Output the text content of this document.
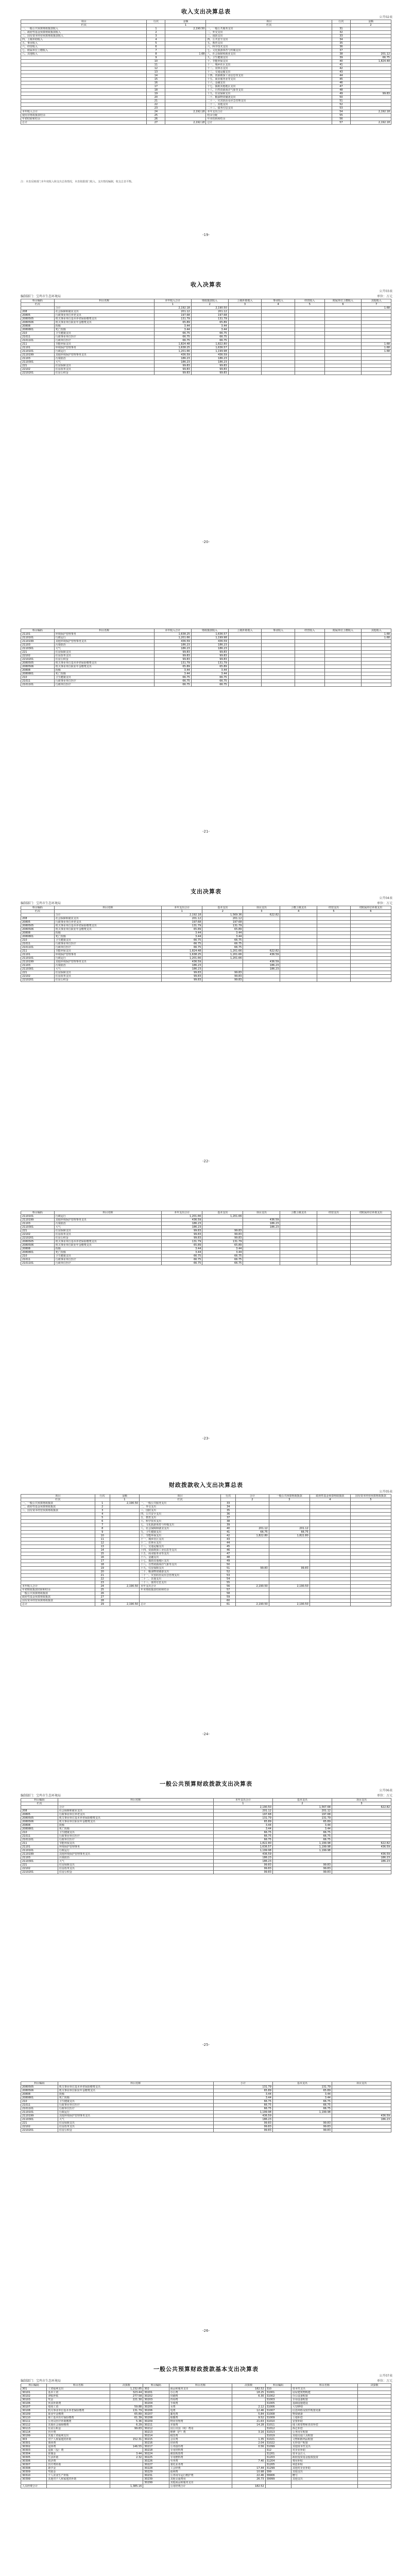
收入支出决算总表
公开02表
项目	行次	金额	项目	行次	金额
栏次		1	栏次		2
一、一般公共预算财政拨款收入	1	2,190.50	一、一般公共服务支出	31	
二、政府性基金预算财政拨款收入	2		二、外交支出	32	
三、国有资本经营预算财政拨款收入	3		三、国防支出	33	
四、上级补助收入	4		四、公共安全支出	34	
五、事业收入	5		五、教育支出	35	
六、经营收入	6		六、科学技术支出	36	
七、附属单位上缴收入	7		七、文化旅游体育与传媒支出	37	
八、其他收入	8	1.68	八、社会保障和就业支出	38	201.12
	9		九、卫生健康支出	39	66.75
	10		十、节能环保支出	40	1,824.48
	11		十一、城乡社区支出	41	
	12		十二、农林水支出	42	
	13		十三、交通运输支出	43	
	14		十四、资源勘探工业信息等支出	44	
	15		十五、商业服务业等支出	45	
	16		十六、金融支出	46	
	17		十七、援助其他地区支出	47	
	18		十八、自然资源海洋气象等支出	48	
	19		十九、住房保障支出	49	99.83
	20		二十、粮油物资储备支出	50	
	21		二十一、灾害防治及应急管理支出	51	
	22		二十二、其他支出	52	
	23		二十三、债务付息支出	53	
本年收入合计	24	2,192.18	本年支出合计	54	2,192.18
使用非财政拨款结余	25		结余分配	55	
年初结转和结余	26		年末结转和结余	56	
总计	27	2,192.18	总计	57	2,192.18
注：本表反映部门本年度收入和支出总体情况，本表依据部门收入、支出情况编制，收支总表平衡。
-19-
收入决算表
公开03表
编制部门：宝鸡市生态环境局	单位：万元
科目编码	科目名称	本年收入合计	财政拨款收入	上级补助收入	事业收入	经营收入	附属单位上缴收入	其他收入
栏次		1	2	3	4	5	6	7
	合计	2,192.18	2,190.50					1.68
208	社会保障和就业支出	201.12	201.12					
20805	行政事业单位养老支出	197.68	197.68					
2080505	机关事业单位基本养老保险缴费支出	131.79	131.79					
2080506	机关事业单位职业年金缴费支出	65.89	65.89					
20808	抚恤	3.44	3.44					
2080801	死亡抚恤	3.44	3.44					
210	卫生健康支出	66.75	66.75					
21011	行政事业单位医疗	66.75	66.75					
2101101	行政单位医疗	66.75	66.75					
211	节能环保支出	1,824.48	1,822.80					1.68
21101	环境保护管理事务	1,638.25	1,636.57					1.68
2110101	行政运行	1,201.66	1,199.98					1.68
2110199	其他环境保护管理事务支出	436.59	436.59					
21103	污染防治	186.23	186.23					
2110301	大气	186.23	186.23					
221	住房保障支出	99.83	99.83					
22102	住房改革支出	99.83	99.83					
2210201	住房公积金	99.83	99.83					
-20-
科目编码	科目名称	本年收入合计	财政拨款收入	上级补助收入	事业收入	经营收入	附属单位上缴收入	其他收入
21101	环境保护管理事务	1,638.25	1,636.57					1.68
2110101	行政运行	1,201.66	1,199.98					1.68
2110199	其他环境保护管理事务支出	436.59	436.59					
21103	污染防治	186.23	186.23					
2110301	大气	186.23	186.23					
221	住房保障支出	99.83	99.83					
22102	住房改革支出	99.83	99.83					
2210201	住房公积金	99.83	99.83					
2080505	机关事业单位基本养老保险缴费支出	131.79	131.79					
2080506	机关事业单位职业年金缴费支出	65.89	65.89					
20808	抚恤	3.44	3.44					
2080801	死亡抚恤	3.44	3.44					
210	卫生健康支出	66.75	66.75					
21011	行政事业单位医疗	66.75	66.75					
2101101	行政单位医疗	66.75	66.75					
-21-
支出决算表
公开04表
编制部门：宝鸡市生态环境局	单位：万元
科目编码	科目名称	本年支出合计	基本支出	项目支出	上缴上级支出	经营支出	对附属单位补助支出
栏次		1	2	3	4	5	6
	合计	2,192.18	1,569.36	622.82			
208	社会保障和就业支出	201.12	201.12				
20805	行政事业单位养老支出	197.68	197.68				
2080505	机关事业单位基本养老保险缴费支出	131.79	131.79				
2080506	机关事业单位职业年金缴费支出	65.89	65.89				
20808	抚恤	3.44	3.44				
2080801	死亡抚恤	3.44	3.44				
210	卫生健康支出	66.75	66.75				
21011	行政事业单位医疗	66.75	66.75				
2101101	行政单位医疗	66.75	66.75				
211	节能环保支出	1,824.48	1,201.66	622.82			
21101	环境保护管理事务	1,638.25	1,201.66	436.59			
2110101	行政运行	1,201.66	1,201.66				
2110199	其他环境保护管理事务支出	436.59		436.59			
21103	污染防治	186.23		186.23			
2110301	大气	186.23		186.23			
221	住房保障支出	99.83	99.83				
22102	住房改革支出	99.83	99.83				
2210201	住房公积金	99.83	99.83				
-22-
科目编码	科目名称	本年支出合计	基本支出	项目支出	上缴上级支出	经营支出	对附属单位补助支出
2110101	行政运行	1,201.66	1,201.66				
2110199	其他环境保护管理事务支出	436.59		436.59			
21103	污染防治	186.23		186.23			
2110301	大气	186.23		186.23			
221	住房保障支出	99.83	99.83				
22102	住房改革支出	99.83	99.83				
2210201	住房公积金	99.83	99.83				
2080505	机关事业单位基本养老保险缴费支出	131.79	131.79				
2080506	机关事业单位职业年金缴费支出	65.89	65.89				
20808	抚恤	3.44	3.44				
2080801	死亡抚恤	3.44	3.44				
210	卫生健康支出	66.75	66.75				
21011	行政事业单位医疗	66.75	66.75				
2101101	行政单位医疗	66.75	66.75				
-23-
财政拨款收入支出决算总表
公开05表
项目	行次	金额	项目	行次	合计	一般公共预算财政拨款	政府性基金预算财政拨款	国有资本经营预算财政拨款
栏次		1	栏次		2	3	4	5
一、一般公共预算财政拨款	1	2,190.50	一、一般公共服务支出	33				
二、政府性基金预算财政拨款	2		二、外交支出	34				
三、国有资本经营预算财政拨款	3		三、国防支出	35				
	4		四、公共安全支出	36				
	5		五、教育支出	37				
	6		六、科学技术支出	38				
	7		七、文化旅游体育与传媒支出	39				
	8		八、社会保障和就业支出	40	201.12	201.12		
	9		九、卫生健康支出	41	66.75	66.75		
	10		十、节能环保支出	42	1,822.80	1,822.80		
	11		十一、城乡社区支出	43				
	12		十二、农林水支出	44				
	13		十三、交通运输支出	45				
	14		十四、资源勘探工业信息等支出	46				
	15		十五、商业服务业等支出	47				
	16		十六、金融支出	48				
	17		十七、援助其他地区支出	49				
	18		十八、自然资源海洋气象等支出	50				
	19		十九、住房保障支出	51	99.83	99.83		
	20		二十、粮油物资储备支出	52				
	21		二十一、灾害防治及应急管理支出	53				
	22		二十二、其他支出	54				
	23		二十三、债务付息支出	55				
本年收入合计	24	2,190.50	本年支出合计	56	2,190.50	2,190.50		
年初财政拨款结转和结余	25		年末财政拨款结转和结余	57				
一般公共预算财政拨款	26			58				
政府性基金预算财政拨款	27			59				
国有资本经营预算财政拨款	28			60				
总计	29	2,190.50	总计	61	2,190.50	2,190.50		
-24-
一般公共预算财政拨款支出决算表
公开06表
编制部门：宝鸡市生态环境局	单位：万元
科目编码	科目名称	本年支出合计	基本支出	项目支出
栏次		1	2	3
	合计	2,190.50	1,567.68	622.82
208	社会保障和就业支出	201.12	201.12	
20805	行政事业单位养老支出	197.68	197.68	
2080505	机关事业单位基本养老保险缴费支出	131.79	131.79	
2080506	机关事业单位职业年金缴费支出	65.89	65.89	
20808	抚恤	3.44	3.44	
2080801	死亡抚恤	3.44	3.44	
210	卫生健康支出	66.75	66.75	
21011	行政事业单位医疗	66.75	66.75	
2101101	行政单位医疗	66.75	66.75	
211	节能环保支出	1,822.80	1,199.98	622.82
21101	环境保护管理事务	1,636.57	1,199.98	436.59
2110101	行政运行	1,199.98	1,199.98	
2110199	其他环境保护管理事务支出	436.59		436.59
21103	污染防治	186.23		186.23
2110301	大气	186.23		186.23
221	住房保障支出	99.83	99.83	
22102	住房改革支出	99.83	99.83	
2210201	住房公积金	99.83	99.83	
-25-
科目编码	科目名称	小计	基本支出	项目支出
2080505	机关事业单位基本养老保险缴费支出	131.79	131.79	
2080506	机关事业单位职业年金缴费支出	65.89	65.89	
20808	抚恤	3.44	3.44	
2080801	死亡抚恤	3.44	3.44	
210	卫生健康支出	66.75	66.75	
21011	行政事业单位医疗	66.75	66.75	
2101101	行政单位医疗	66.75	66.75	
2110101	行政运行	1,199.98	1,199.98	
2110199	其他环境保护管理事务支出	436.59		436.59
2110301	大气	186.23		186.23
221	住房保障支出	99.83	99.83	
22102	住房改革支出	99.83	99.83	
2210201	住房公积金	99.83	99.83	
-26-
一般公共预算财政拨款基本支出决算表
公开07表
编制部门：宝鸡市生态环境局	单位：万元
科目编码	科目名称	决算数	科目编码	科目名称	决算数	科目编码	科目名称	决算数
301	工资福利支出	1,232.85	302	商品和服务支出	182.52	310	资本性支出	
30101	基本工资	323.44	30201	办公费	18.25	31001	房屋建筑物购建	
30102	津贴补贴	277.58	30202	印刷费	6.30	31002	办公设备购置	
30103	奖金	221.30	30203	咨询费		31003	专用设备购置	
30106	伙食补助费		30204	手续费		31005	基础设施建设	
30107	绩效工资	59.88	30205	水费	2.12	31006	大型修缮	
30108	机关事业单位基本养老保险缴费	131.79	30206	电费	12.46	31007	信息网络及软件购置更新	
30109	职业年金缴费	65.89	30207	邮电费	5.84	31008	物资储备	
30110	职工基本医疗保险缴费	61.39	30208	取暖费	9.52	31009	土地补偿	
30111	公务员医疗补助缴费	5.36	30209	物业管理费	21.63	31010	安置补助	
30112	其他社会保障缴费	6.29	30211	差旅费	14.28	31011	地上附着物和青苗补偿	
30113	住房公积金	99.83	30212	因公出国（境）费用		31012	拆迁补偿	
30114	医疗费		30213	维修（护）费	3.16	31013	公务用车购置	
30199	其他工资福利支出		30214	租赁费		31019	其他交通工具购置	
303	对个人和家庭的补助	152.31	30215	会议费	1.35	31021	文物和陈列品购置	
30301	离休费		30216	培训费	2.04	31022	无形资产购置	
30302	退休费	146.55	30217	公务接待费	0.56	31099	其他资本性支出	
30303	退职（役）费		30218	专用材料费		312	对企业补助	
30304	抚恤金	3.44	30224	被装购置费		31201	资本金注入	
30305	生活补助	2.32	30225	专用燃料费		31203	政府投资基金股权投资	
30306	救济费		30226	劳务费	7.40	31204	费用补贴	
30307	医疗费补助		30227	委托业务费		31205	利息补贴	
30308	助学金		30228	工会经费	17.44	31299	其他对企业补助	
30309	奖励金		30229	福利费	10.98	399	其他支出	
30310	个人农业生产补贴		30231	公务用车运行维护费	22.46	39906	赠与	
30399	其他对个人和家庭的补助		30239	其他交通费用	26.73	39999	其他支出	
			30299	其他商品和服务支出				
人员经费合计		1,385.16		公用经费合计	182.52			
